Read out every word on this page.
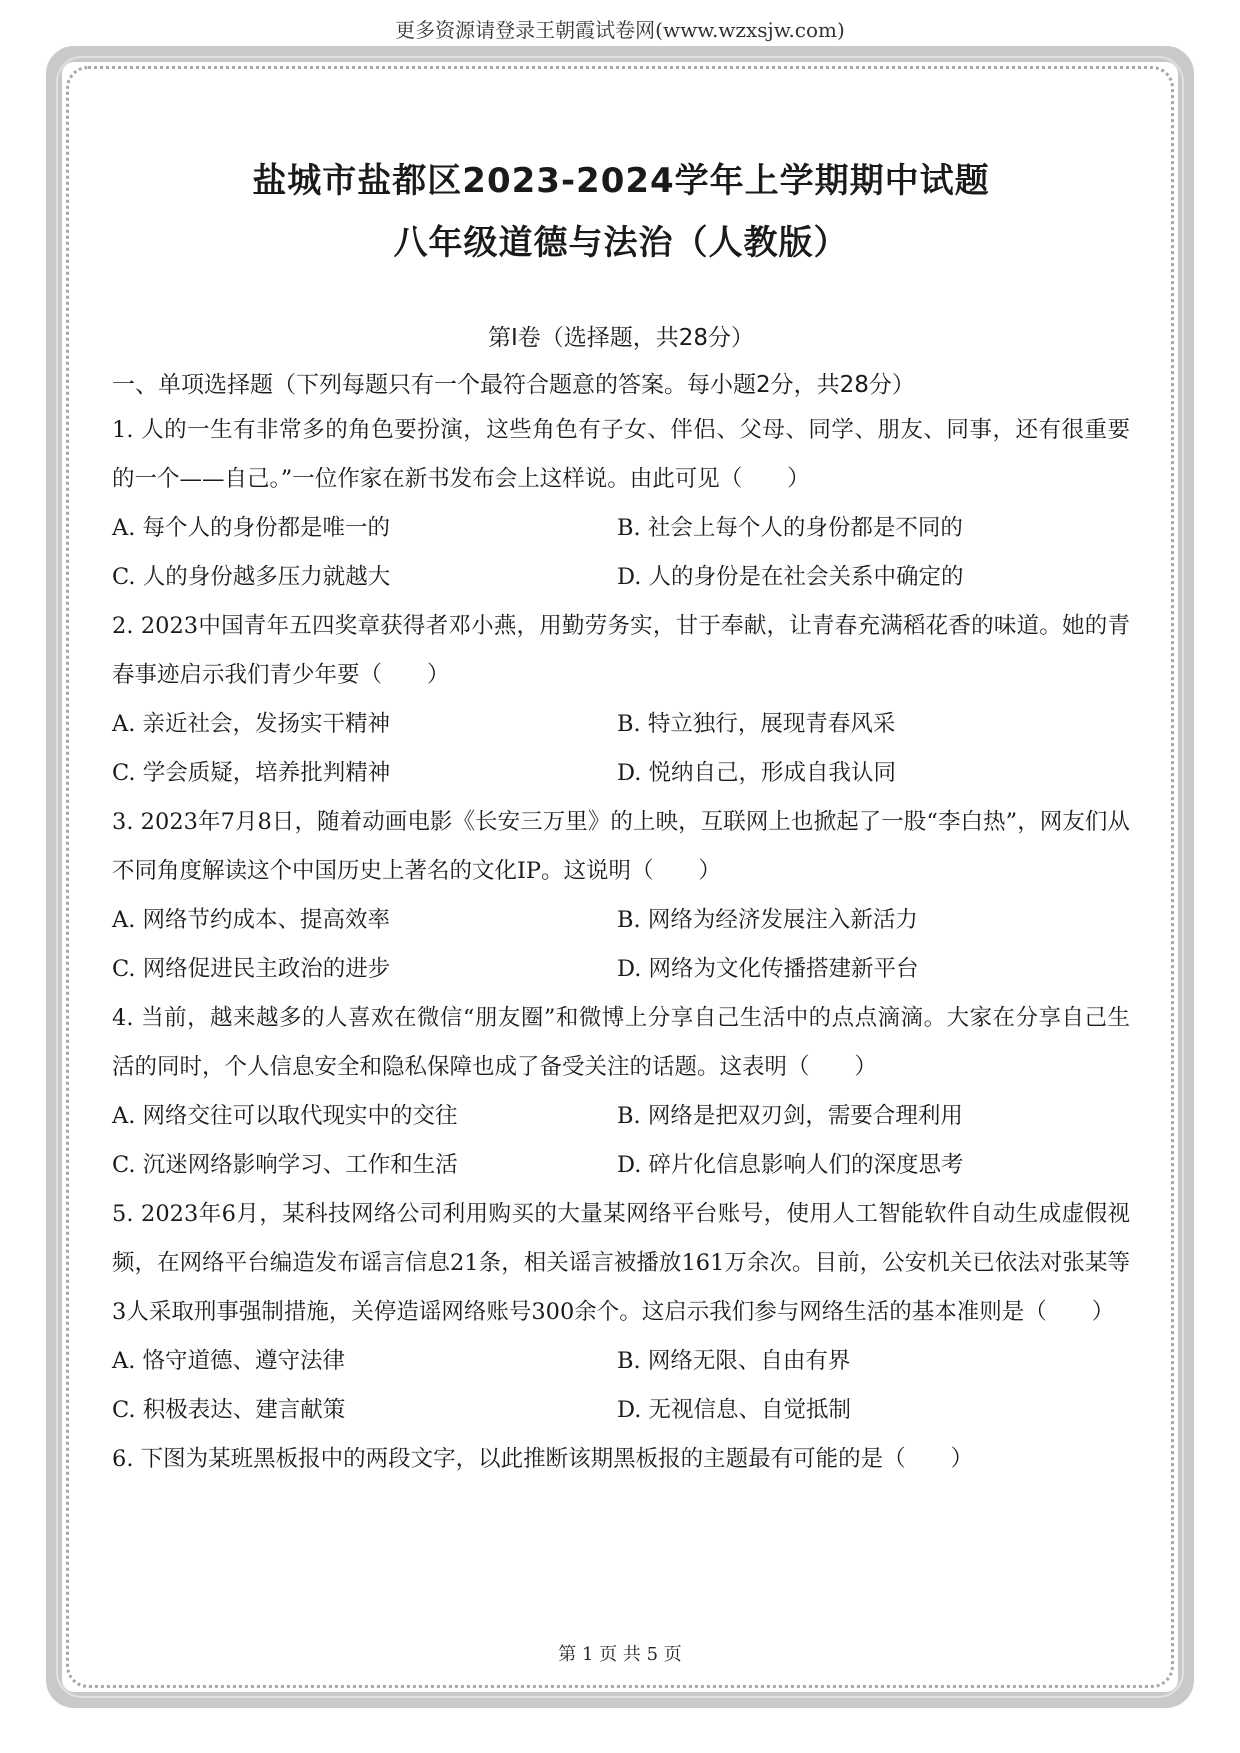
更多资源请登录王朝霞试卷网(www.wzxsjw.com)
盐城市盐都区2023-2024学年上学期期中试题
八年级道德与法治（人教版）
第Ⅰ卷（选择题，共28分）
一、单项选择题（下列每题只有一个最符合题意的答案。每小题2分，共28分）
1. 人的一生有非常多的角色要扮演，这些角色有子女、伴侣、父母、同学、朋友、同事，还有很重要的一个——自己。”一位作家在新书发布会上这样说。由此可见（　　）
A. 每个人的身份都是唯一的	B. 社会上每个人的身份都是不同的
C. 人的身份越多压力就越大	D. 人的身份是在社会关系中确定的
2. 2023中国青年五四奖章获得者邓小燕，用勤劳务实，甘于奉献，让青春充满稻花香的味道。她的青春事迹启示我们青少年要（　　）
A. 亲近社会，发扬实干精神	B. 特立独行，展现青春风采
C. 学会质疑，培养批判精神	D. 悦纳自己，形成自我认同
3. 2023年7月8日，随着动画电影《长安三万里》的上映，互联网上也掀起了一股“李白热”，网友们从不同角度解读这个中国历史上著名的文化IP。这说明（　　）
A. 网络节约成本、提高效率	B. 网络为经济发展注入新活力
C. 网络促进民主政治的进步	D. 网络为文化传播搭建新平台
4. 当前，越来越多的人喜欢在微信“朋友圈”和微博上分享自己生活中的点点滴滴。大家在分享自己生活的同时，个人信息安全和隐私保障也成了备受关注的话题。这表明（　　）
A. 网络交往可以取代现实中的交往	B. 网络是把双刃剑，需要合理利用
C. 沉迷网络影响学习、工作和生活	D. 碎片化信息影响人们的深度思考
5. 2023年6月，某科技网络公司利用购买的大量某网络平台账号，使用人工智能软件自动生成虚假视频，在网络平台编造发布谣言信息21条，相关谣言被播放161万余次。目前，公安机关已依法对张某等3人采取刑事强制措施，关停造谣网络账号300余个。这启示我们参与网络生活的基本准则是（　　）
A. 恪守道德、遵守法律	B. 网络无限、自由有界
C. 积极表达、建言献策	D. 无视信息、自觉抵制
6. 下图为某班黑板报中的两段文字，以此推断该期黑板报的主题最有可能的是（　　）
第 1 页 共 5 页
